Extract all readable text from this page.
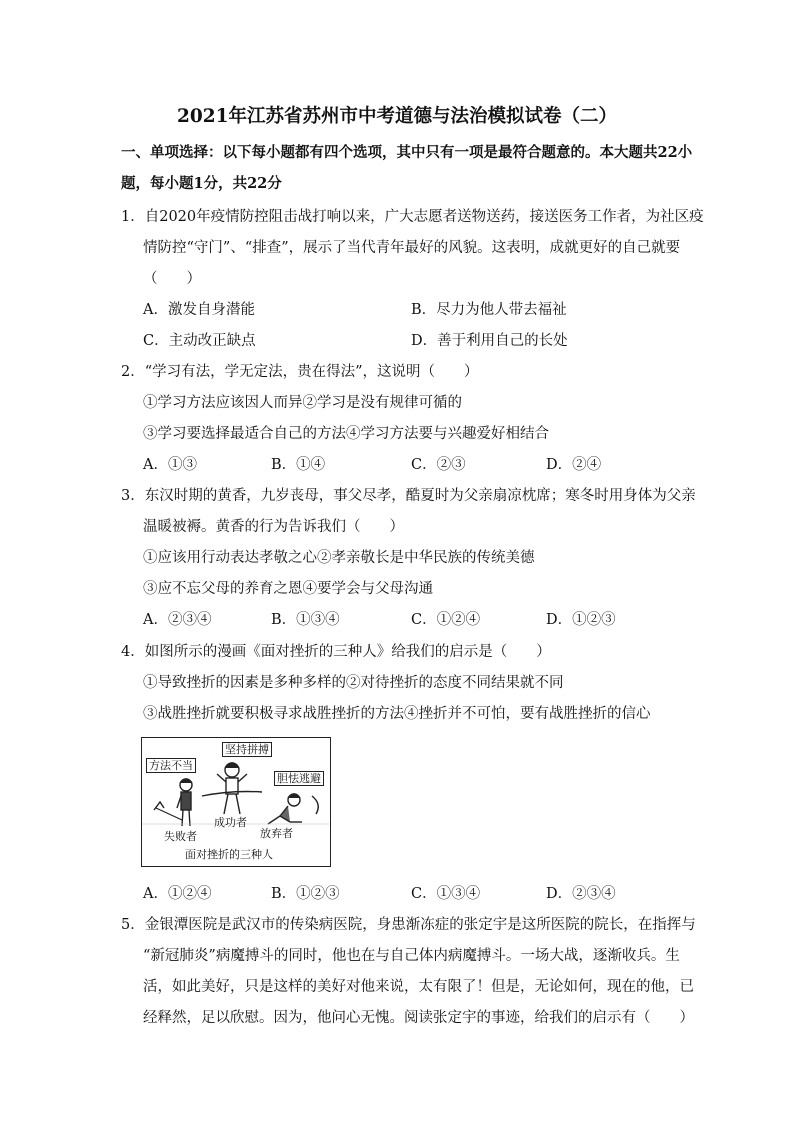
2021年江苏省苏州市中考道德与法治模拟试卷（二）
一、单项选择：以下每小题都有四个选项，其中只有一项是最符合题意的。本大题共22小
题，每小题1分，共22分
1．自2020年疫情防控阻击战打响以来，广大志愿者送物送药，接送医务工作者，为社区疫
情防控“守门”、“排查”，展示了当代青年最好的风貌。这表明，成就更好的自己就要
（　　）
A．激发自身潜能	B．尽力为他人带去福祉
C．主动改正缺点	D．善于利用自己的长处
2．“学习有法，学无定法，贵在得法”，这说明（　　）
①学习方法应该因人而异②学习是没有规律可循的
③学习要选择最适合自己的方法④学习方法要与兴趣爱好相结合
A．①③	B．①④	C．②③	D．②④
3．东汉时期的黄香，九岁丧母，事父尽孝，酷夏时为父亲扇凉枕席；寒冬时用身体为父亲
温暖被褥。黄香的行为告诉我们（　　）
①应该用行动表达孝敬之心②孝亲敬长是中华民族的传统美德
③应不忘父母的养育之恩④要学会与父母沟通
A．②③④	B．①③④	C．①②④	D．①②③
4．如图所示的漫画《面对挫折的三种人》给我们的启示是（　　）
①导致挫折的因素是多种多样的②对待挫折的态度不同结果就不同
③战胜挫折就要积极寻求战胜挫折的方法④挫折并不可怕，要有战胜挫折的信心
方法不当
坚持拼搏
胆怯逃避
失败者
成功者
放弃者
面对挫折的三种人
A．①②④	B．①②③	C．①③④	D．②③④
5．金银潭医院是武汉市的传染病医院，身患渐冻症的张定宇是这所医院的院长，在指挥与
“新冠肺炎”病魔搏斗的同时，他也在与自己体内病魔搏斗。一场大战，逐渐收兵。生
活，如此美好，只是这样的美好对他来说，太有限了！但是，无论如何，现在的他，已
经释然，足以欣慰。因为，他问心无愧。阅读张定宇的事迹，给我们的启示有（　　）
